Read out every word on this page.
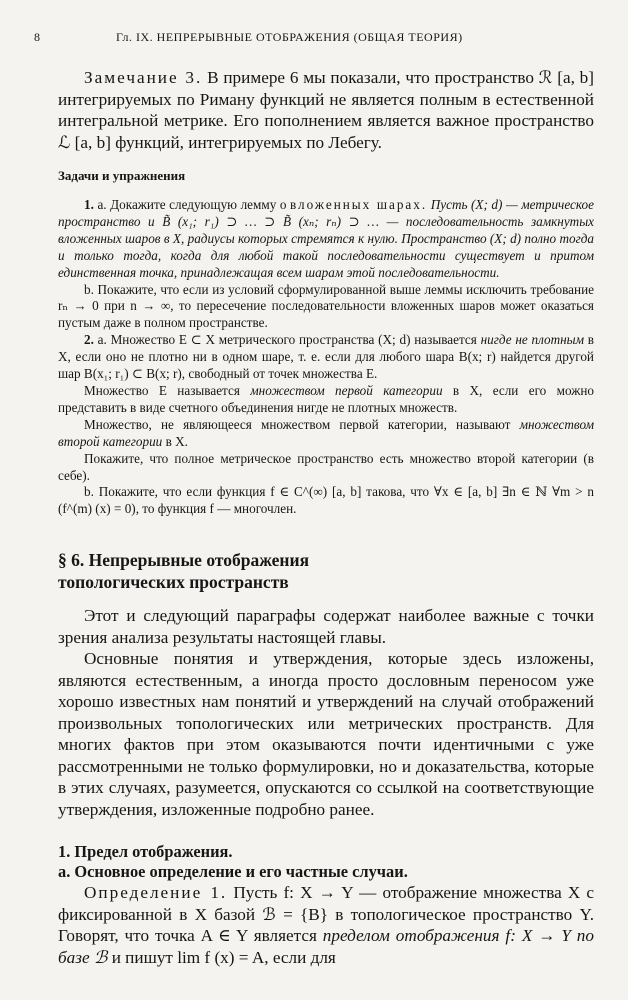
8	Гл. IX. НЕПРЕРЫВНЫЕ ОТОБРАЖЕНИЯ (ОБЩАЯ ТЕОРИЯ)

Замечание 3. В примере 6 мы показали, что пространство ℛ [a, b] интегрируемых по Риману функций не является полным в естественной интегральной метрике. Его пополнением является важное пространство ℒ [a, b] функций, интегрируемых по Лебегу.

Задачи и упражнения

1. а. Докажите следующую лемму о вложенных шарах. Пусть (X; d) — метрическое пространство и B̃ (x₁; r₁) ⊃ … ⊃ B̃ (xₙ; rₙ) ⊃ … — последовательность замкнутых вложенных шаров в X, радиусы которых стремятся к нулю. Пространство (X; d) полно тогда и только тогда, когда для любой такой последовательности существует и притом единственная точка, принадлежащая всем шарам этой последовательности.

b. Покажите, что если из условий сформулированной выше леммы исключить требование rₙ → 0 при n → ∞, то пересечение последовательности вложенных шаров может оказаться пустым даже в полном пространстве.

2. а. Множество E ⊂ X метрического пространства (X; d) называется нигде не плотным в X, если оно не плотно ни в одном шаре, т. е. если для любого шара B(x; r) найдется другой шар B(x₁; r₁) ⊂ B(x; r), свободный от точек множества E.

Множество E называется множеством первой категории в X, если его можно представить в виде счетного объединения нигде не плотных множеств.

Множество, не являющееся множеством первой категории, называют множеством второй категории в X.

Покажите, что полное метрическое пространство есть множество второй категории (в себе).

b. Покажите, что если функция f ∈ C^(∞) [a, b] такова, что ∀x ∈ [a, b] ∃n ∈ ℕ ∀m > n (f^(m) (x) = 0), то функция f — многочлен.

§ 6. Непрерывные отображения
топологических пространств

Этот и следующий параграфы содержат наиболее важные с точки зрения анализа результаты настоящей главы.

Основные понятия и утверждения, которые здесь изложены, являются естественным, а иногда просто дословным переносом уже хорошо известных нам понятий и утверждений на случай отображений произвольных топологических или метрических пространств. Для многих фактов при этом оказываются почти идентичными с уже рассмотренными не только формулировки, но и доказательства, которые в этих случаях, разумеется, опускаются со ссылкой на соответствующие утверждения, изложенные подробно ранее.

1. Предел отображения.
а. Основное определение и его частные случаи.

Определение 1. Пусть f: X → Y — отображение множества X с фиксированной в X базой ℬ = {B} в топологическое пространство Y. Говорят, что точка A ∈ Y является пределом отображения f: X → Y по базе ℬ и пишут lim f (x) = A, если для
